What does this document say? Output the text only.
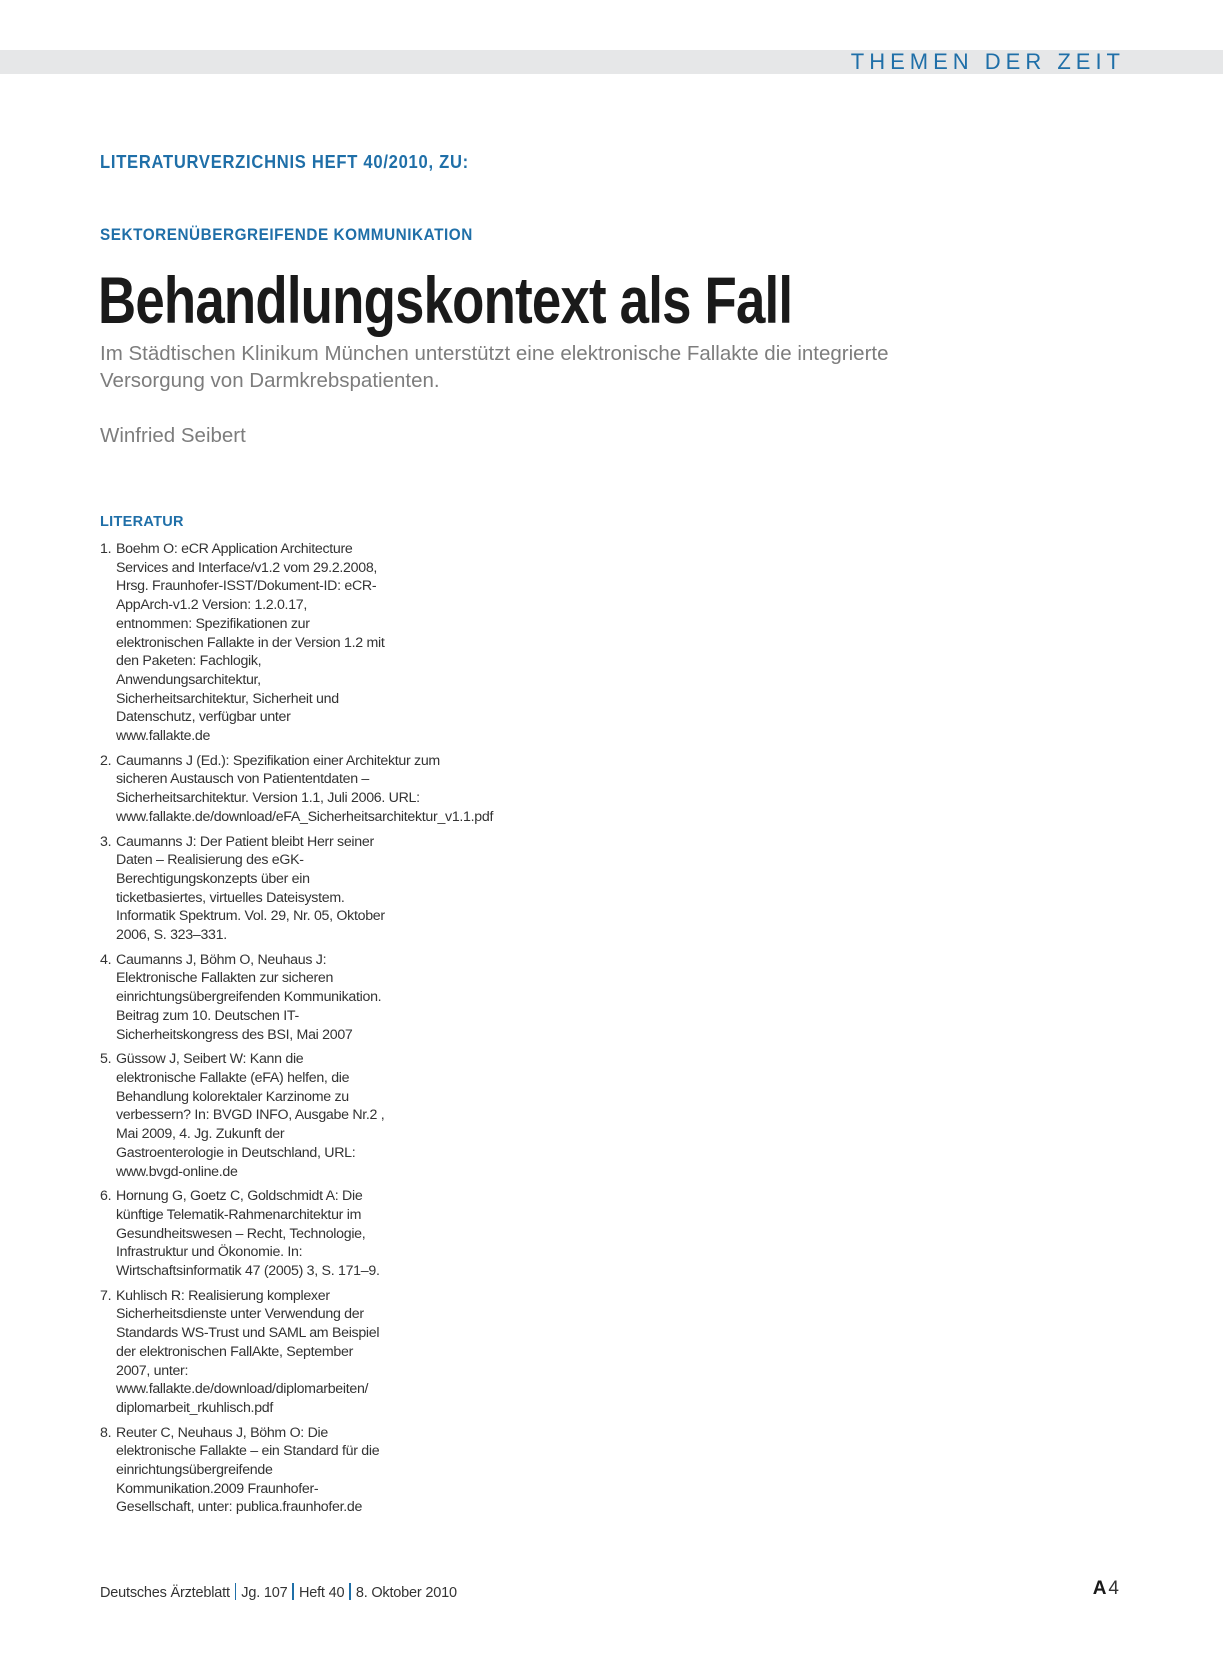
THEMEN DER ZEIT
LITERATURVERZICHNIS HEFT 40/2010, ZU:
SEKTORENÜBERGREIFENDE KOMMUNIKATION
Behandlungskontext als Fall

Im Städtischen Klinikum München unterstützt eine elektronische Fallakte die integrierte Versorgung von Darmkrebspatienten.

Winfried Seibert
LITERATUR
1. Boehm O: eCR Application Architecture Services and Interface/v1.2 vom 29.2.2008, Hrsg. Fraunhofer-ISST/Dokument-ID: eCR-AppArch-v1.2 Version: 1.2.0.17, entnommen: Spezifikationen zur elektronischen Fallakte in der Version 1.2 mit den Paketen: Fachlogik, Anwendungsarchitektur, Sicherheitsarchitektur, Sicherheit und Datenschutz, verfügbar unter www.fallakte.de
2. Caumanns J (Ed.): Spezifikation einer Architektur zum sicheren Austausch von Patiententdaten – Sicherheitsarchitektur. Version 1.1, Juli 2006. URL: www.fallakte.de/download/eFA_Sicherheitsarchitektur_v1.1.pdf
3. Caumanns J: Der Patient bleibt Herr seiner Daten – Realisierung des eGK-Berechtigungskonzepts über ein ticketbasiertes, virtuelles Dateisystem. Informatik Spektrum. Vol. 29, Nr. 05, Oktober 2006, S. 323–331.
4. Caumanns J, Böhm O, Neuhaus J: Elektronische Fallakten zur sicheren einrichtungsübergreifenden Kommunikation. Beitrag zum 10. Deutschen IT-Sicherheitskongress des BSI, Mai 2007
5. Güssow J, Seibert W: Kann die elektronische Fallakte (eFA) helfen, die Behandlung kolorektaler Karzinome zu verbessern? In: BVGD INFO, Ausgabe Nr.2 , Mai 2009, 4. Jg. Zukunft der Gastroenterologie in Deutschland, URL: www.bvgd-online.de
6. Hornung G, Goetz C, Goldschmidt A: Die künftige Telematik-Rahmenarchitektur im Gesundheitswesen – Recht, Technologie, Infrastruktur und Ökonomie. In: Wirtschaftsinformatik 47 (2005) 3, S. 171–9.
7. Kuhlisch R: Realisierung komplexer Sicherheitsdienste unter Verwendung der Standards WS-Trust und SAML am Beispiel der elektronischen FallAkte, September 2007, unter: www.fallakte.de/download/diplomarbeiten/ diplomarbeit_rkuhlisch.pdf
8. Reuter C, Neuhaus J, Böhm O: Die elektronische Fallakte – ein Standard für die einrichtungsübergreifende Kommunikation.2009 Fraunhofer-Gesellschaft, unter: publica.fraunhofer.de
Deutsches Ärzteblatt Jg. 107 Heft 40 8. Oktober 2010	A 4
